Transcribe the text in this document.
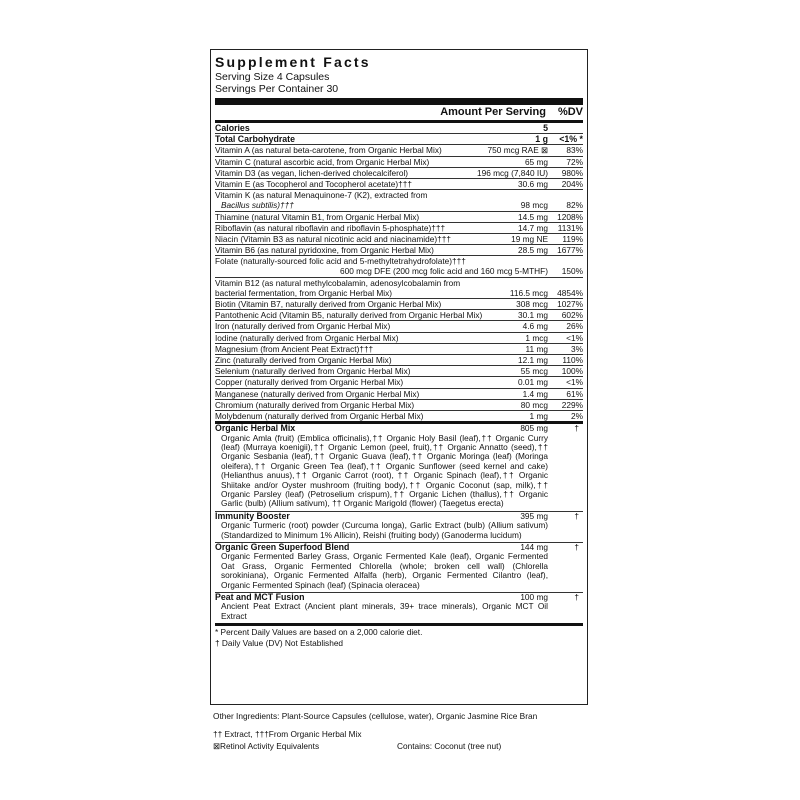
Supplement Facts
Serving Size 4 Capsules
Servings Per Container 30
Amount Per Serving %DV
Calories	5
Total Carbohydrate	1 g <1% *
Vitamin A (as natural beta-carotene, from Organic Herbal Mix)	750 mcg RAE ⊠ 83%
Vitamin C (natural ascorbic acid, from Organic Herbal Mix)	65 mg 72%
Vitamin D3 (as vegan, lichen-derived cholecalciferol)	196 mcg (7,840 IU) 980%
Vitamin E (as Tocopherol and Tocopherol acetate)†††	30.6 mg 204%
Vitamin K (as natural Menaquinone-7 (K2), extracted from
Bacillus subtilis)†††	98 mcg 82%
Thiamine (natural Vitamin B1, from Organic Herbal Mix)	14.5 mg 1208%
Riboflavin (as natural riboflavin and riboflavin 5-phosphate)†††	14.7 mg 1131%
Niacin (Vitamin B3 as natural nicotinic acid and niacinamide)†††	19 mg NE 119%
Vitamin B6 (as natural pyridoxine, from Organic Herbal Mix)	28.5 mg 1677%
Folate (naturally-sourced folic acid and 5-methyltetrahydrofolate)†††
600 mcg DFE (200 mcg folic acid and 160 mcg 5-MTHF) 150%
Vitamin B12 (as natural methylcobalamin, adenosylcobalamin from
bacterial fermentation, from Organic Herbal Mix)	116.5 mcg 4854%
Biotin (Vitamin B7, naturally derived from Organic Herbal Mix)	308 mcg 1027%
Pantothenic Acid (Vitamin B5, naturally derived from Organic Herbal Mix)	30.1 mg 602%
Iron (naturally derived from Organic Herbal Mix)	4.6 mg 26%
Iodine (naturally derived from Organic Herbal Mix)	1 mcg <1%
Magnesium (from Ancient Peat Extract)†††	11 mg	3%
Zinc (naturally derived from Organic Herbal Mix)	12.1 mg 110%
Selenium (naturally derived from Organic Herbal Mix)	55 mcg 100%
Copper (naturally derived from Organic Herbal Mix)	0.01 mg <1%
Manganese (naturally derived from Organic Herbal Mix)	1.4 mg 61%
Chromium (naturally derived from Organic Herbal Mix)	80 mcg 229%
Molybdenum (naturally derived from Organic Herbal Mix)	1 mg	2%
Organic Herbal Mix	805 mg	†
Organic Amla (fruit) (Emblica officinalis),†† Organic Holy Basil (leaf),†† Organic Curry (leaf) (Murraya koenigii),†† Organic Lemon (peel, fruit),†† Organic Annatto (seed),†† Organic Sesbania (leaf),†† Organic Guava (leaf),†† Organic Moringa (leaf) (Moringa oleifera),†† Organic Green Tea (leaf),†† Organic Sunflower (seed kernel and cake) (Helianthus anuus),†† Organic Carrot (root), †† Organic Spinach (leaf),†† Organic Shiitake and/or Oyster mushroom (fruiting body),†† Organic Coconut (sap, milk),†† Organic Parsley (leaf) (Petroselium crispum),†† Organic Lichen (thallus),†† Organic Garlic (bulb) (Allium sativum), †† Organic Marigold (flower) (Taegetus erecta)
Immunity Booster	395 mg	†
Organic Turmeric (root) powder (Curcuma longa), Garlic Extract (bulb) (Allium sativum) (Standardized to Minimum 1% Allicin), Reishi (fruiting body) (Ganoderma lucidum)
Organic Green Superfood Blend	144 mg	†
Organic Fermented Barley Grass, Organic Fermented Kale (leaf), Organic Fermented Oat Grass, Organic Fermented Chlorella (whole; broken cell wall) (Chlorella sorokiniana), Organic Fermented Alfalfa (herb), Organic Fermented Cilantro (leaf), Organic Fermented Spinach (leaf) (Spinacia oleracea)
Peat and MCT Fusion	100 mg	†
Ancient Peat Extract (Ancient plant minerals, 39+ trace minerals), Organic MCT Oil Extract
* Percent Daily Values are based on a 2,000 calorie diet.
† Daily Value (DV) Not Established
Other Ingredients: Plant-Source Capsules (cellulose, water), Organic Jasmine Rice Bran
†† Extract, †††From Organic Herbal Mix
⊠Retinol Activity Equivalents	Contains: Coconut (tree nut)
